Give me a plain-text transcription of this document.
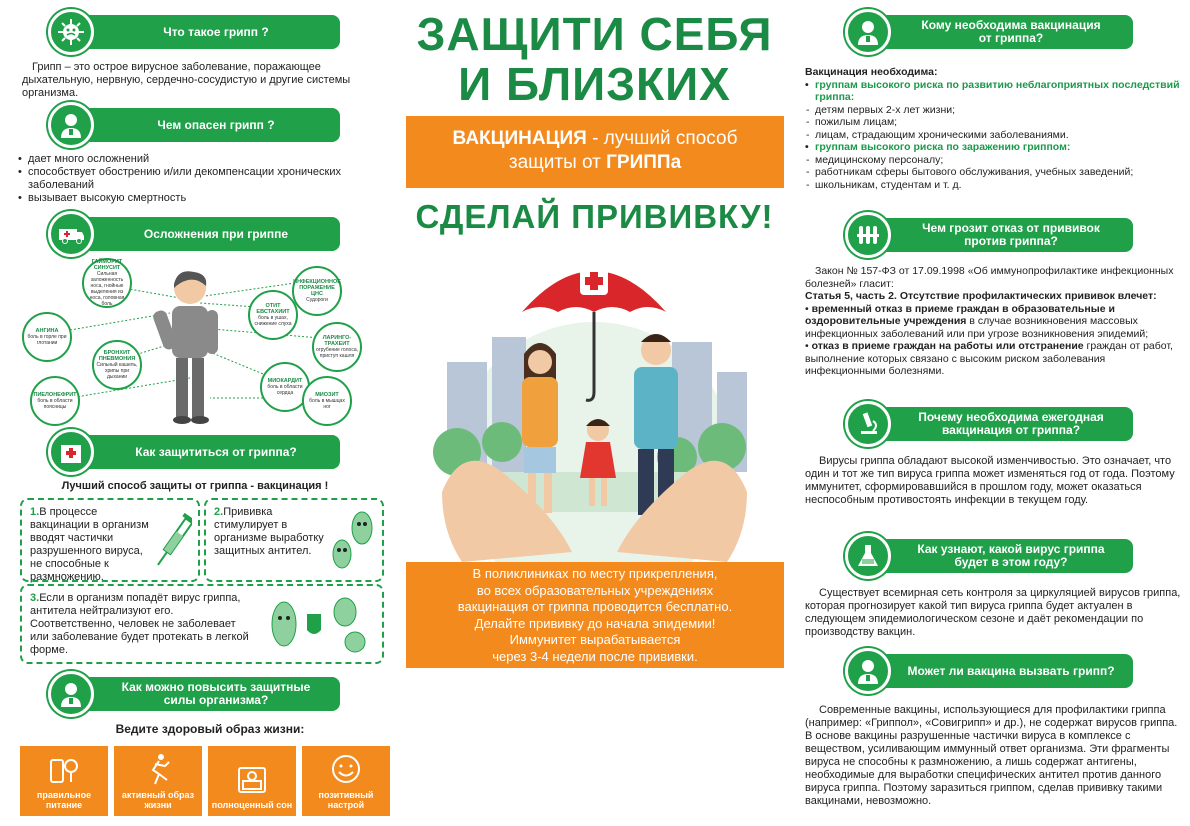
Что такое грипп ?
Грипп – это острое вирусное заболевание, поражающее дыхательную, нервную, сердечно-сосудистую и другие системы организма.
Чем опасен грипп ?
• дает много осложнений
• способствует обострению и/или декомпенсации хронических заболеваний
• вызывает высокую смертность
Осложнения при гриппе
ГАЙМОРИТ СИНУСИТ
Сильная заложенность носа, гнойные выделения из носа, головная боль
ИНФЕКЦИОННОЕ ПОРАЖЕНИЕ ЦНС
Судороги
ОТИТ ЕВСТАХИИТ
боль в ушах, снижение слуха
АНГИНА
боль в горле при глотании
ЛАРИНГО-ТРАХЕИТ
огрубение голоса, приступ кашля
БРОНХИТ ПНЕВМОНИЯ
Сильный кашель, хрипы при дыхании
МИОКАРДИТ
боль в области сердца
ПИЕЛОНЕФРИТ
боль в области поясницы
МИОЗИТ
боль в мышцах ног
Как защититься от гриппа?
Лучший способ защиты от гриппа - вакцинация !
1.В процессе вакцинации в организм вводят частички разрушенного вируса, не способные к размножению.
2.Прививка стимулирует в организме выработку защитных антител.
3.Если в организм попадёт вирус гриппа, антитела нейтрализуют его. Соответственно, человек не заболевает или заболевание будет протекать в легкой форме.
Как можно повысить защитные силы организма?
Ведите здоровый образ жизни:
правильное питание
активный образ жизни	полноценный сон
позитивный настрой
ЗАЩИТИ СЕБЯ
И БЛИЗКИХ
ВАКЦИНАЦИЯ - лучший способ
защиты от ГРИППа
СДЕЛАЙ ПРИВИВКУ!
В поликлиниках по месту прикрепления,
во всех образовательных учреждениях
вакцинация от гриппа проводится бесплатно.
Делайте прививку до начала эпидемии!
Иммунитет вырабатывается
через 3-4 недели после прививки.
Кому необходима вакцинация от гриппа?

Вакцинация необходима:

• группам высокого риска по развитию неблагоприятных последствий гриппа:
- детям первых 2-х лет жизни;
- пожилым лицам;
- лицам, страдающим хроническими заболеваниями.
• группам высокого риска по заражению гриппом:
- медицинскому персоналу;
- работникам сферы бытового обслуживания, учебных заведений;
- школьникам, студентам и т. д.
Чем грозит отказ от прививок против гриппа?

Закон № 157-ФЗ от 17.09.1998 «Об иммунопрофилактике инфекционных болезней» гласит:

Статья 5, часть 2. Отсутствие профилактических прививок влечет:

• временный отказ в приеме граждан в образовательные и оздоровительные учреждения в случае возникновения массовых инфекционных заболеваний или при угрозе возникновения эпидемий;

• отказ в приеме граждан на работы или отстранение граждан от работ, выполнение которых связано с высоким риском заболевания инфекционными болезнями.

Почему необходима ежегодная вакцинация от гриппа?

Вирусы гриппа обладают высокой изменчивостью. Это означает, что один и тот же тип вируса гриппа может изменяться год от года. Поэтому иммунитет, сформировавшийся в прошлом году, может оказаться неспособным противостоять инфекции в текущем году.

Как узнают, какой вирус гриппа будет в этом году?

Существует всемирная сеть контроля за циркуляцией вирусов гриппа, которая прогнозирует какой тип вируса гриппа будет актуален в следующем эпидемиологическом сезоне и даёт рекомендации по производству вакцин.

Может ли вакцина вызвать грипп?

Современные вакцины, использующиеся для профилактики гриппа (например: «Гриппол», «Совигрипп» и др.), не содержат вирусов гриппа. В основе вакцины разрушенные частички вируса в комплексе с веществом, усиливающим иммунный ответ организма. Эти фрагменты вируса не способны к размножению, а лишь содержат антигены, необходимые для выработки специфических антител против данного вируса гриппа. Поэтому заразиться гриппом, сделав прививку такими вакцинами, невозможно.
